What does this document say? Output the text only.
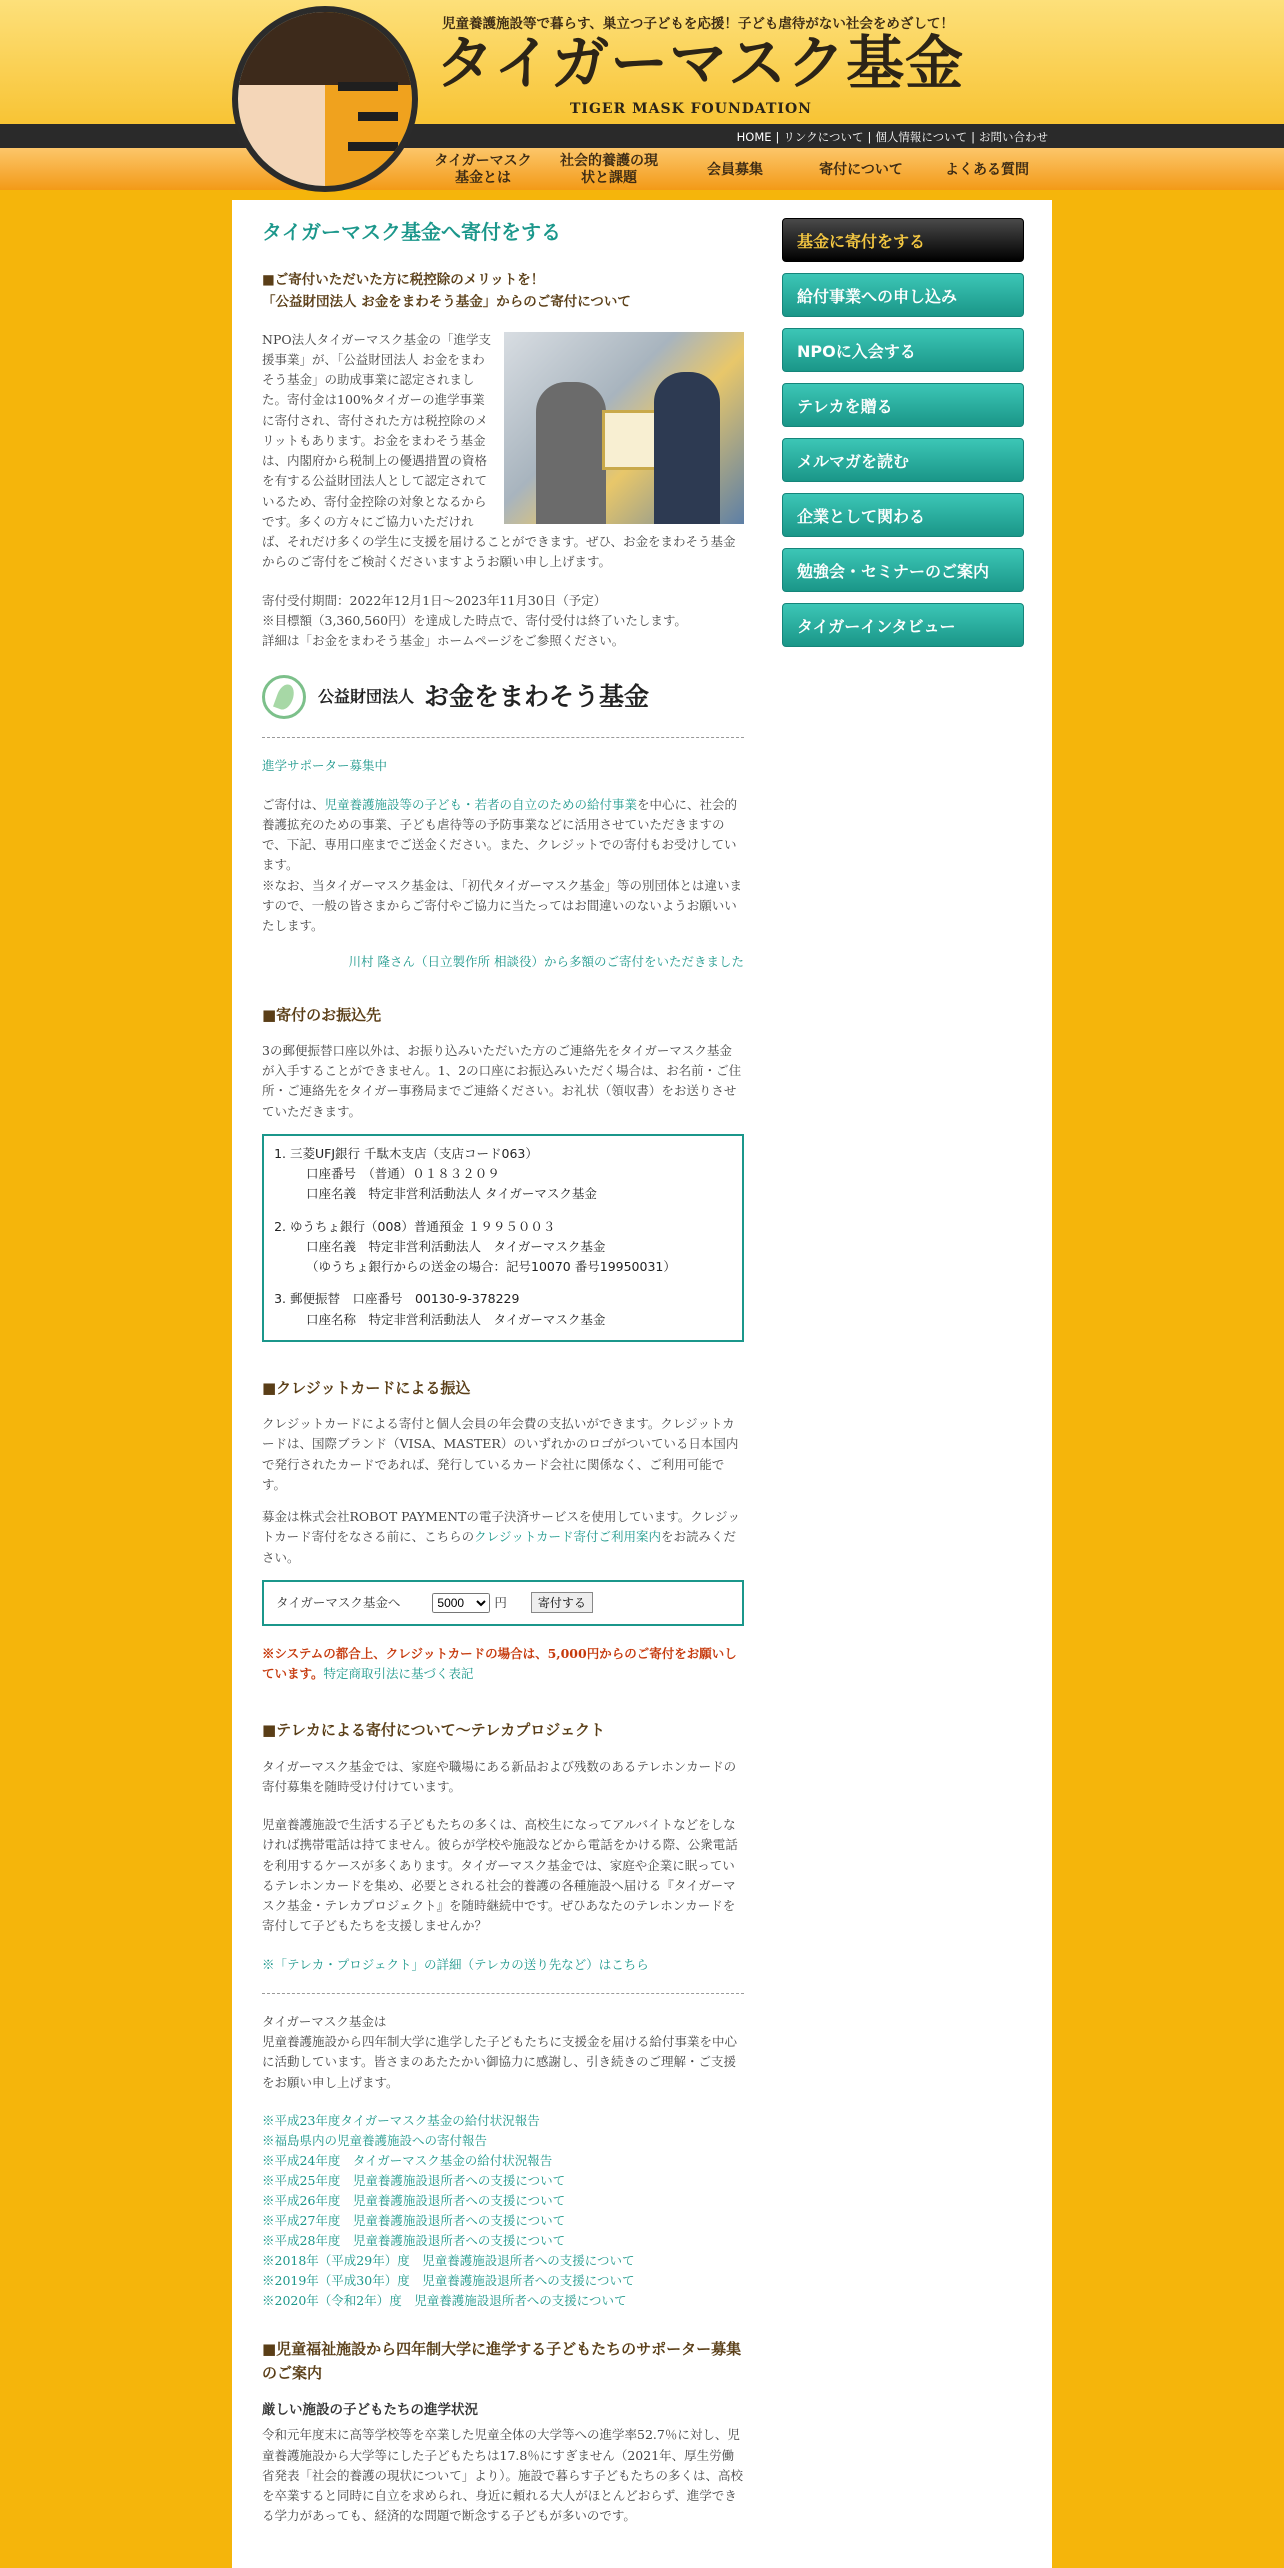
児童養護施設等で暮らす、巣立つ子どもを応援！子ども虐待がない社会をめざして！
タイガーマスク基金
TIGER MASK FOUNDATION
HOME | リンクについて | 個人情報について | お問い合わせ
タイガーマスク基金とは
社会的養護の現状と課題
会員募集	寄付について	よくある質問
タイガーマスク基金へ寄付をする
■ご寄付いただいた方に税控除のメリットを！
「公益財団法人 お金をまわそう基金」からのご寄付について
NPO法人タイガーマスク基金の「進学支援事業」が、「公益財団法人 お金をまわそう基金」の助成事業に認定されました。寄付金は100%タイガーの進学事業に寄付され、寄付された方は税控除のメリットもあります。お金をまわそう基金は、内閣府から税制上の優遇措置の資格を有する公益財団法人として認定されているため、寄付金控除の対象となるからです。多くの方々にご協力いただければ、それだけ多くの学生に支援を届けることができます。ぜひ、お金をまわそう基金からのご寄付をご検討くださいますようお願い申し上げます。
寄付受付期間：2022年12月1日～2023年11月30日（予定）
※目標額（3,360,560円）を達成した時点で、寄付受付は終了いたします。
詳細は「お金をまわそう基金」ホームページをご参照ください。
公益財団法人 お金をまわそう基金
進学サポーター募集中
ご寄付は、児童養護施設等の子ども・若者の自立のための給付事業を中心に、社会的養護拡充のための事業、子ども虐待等の予防事業などに活用させていただきますので、下記、専用口座までご送金ください。また、クレジットでの寄付もお受けしています。
※なお、当タイガーマスク基金は、「初代タイガーマスク基金」等の別団体とは違いますので、一般の皆さまからご寄付やご協力に当たってはお間違いのないようお願いいたします。
川村 隆さん（日立製作所 相談役）から多額のご寄付をいただきました
■寄付のお振込先
3の郵便振替口座以外は、お振り込みいただいた方のご連絡先をタイガーマスク基金が入手することができません。1、2の口座にお振込みいただく場合は、お名前・ご住所・ご連絡先をタイガー事務局までご連絡ください。お礼状（領収書）をお送りさせていただきます。
1. 三菱UFJ銀行 千駄木支店（支店コード063）
口座番号　（普通）０１８３２０９
口座名義　特定非営利活動法人 タイガーマスク基金
2. ゆうちょ銀行（008）普通預金 １９９５００３
口座名義　特定非営利活動法人　タイガーマスク基金
（ゆうちょ銀行からの送金の場合：記号10070 番号19950031）
3. 郵便振替　口座番号　00130-9-378229
口座名称　特定非営利活動法人　タイガーマスク基金
■クレジットカードによる振込
クレジットカードによる寄付と個人会員の年会費の支払いができます。クレジットカードは、国際ブランド（VISA、MASTER）のいずれかのロゴがついている日本国内で発行されたカードであれば、発行しているカード会社に関係なく、ご利用可能です。
募金は株式会社ROBOT PAYMENTの電子決済サービスを使用しています。クレジットカード寄付をなさる前に、こちらのクレジットカード寄付ご利用案内をお読みください。
タイガーマスク基金へ
5000	円	寄付する
※システムの都合上、クレジットカードの場合は、5,000円からのご寄付をお願いしています。特定商取引法に基づく表記
■テレカによる寄付について～テレカプロジェクト
タイガーマスク基金では、家庭や職場にある新品および残数のあるテレホンカードの寄付募集を随時受け付けています。
児童養護施設で生活する子どもたちの多くは、高校生になってアルバイトなどをしなければ携帯電話は持てません。彼らが学校や施設などから電話をかける際、公衆電話を利用するケースが多くあります。タイガーマスク基金では、家庭や企業に眠っているテレホンカードを集め、必要とされる社会的養護の各種施設へ届ける『タイガーマスク基金・テレカプロジェクト』を随時継続中です。ぜひあなたのテレホンカードを寄付して子どもたちを支援しませんか？
※「テレカ・プロジェクト」の詳細（テレカの送り先など）はこちら
タイガーマスク基金は
児童養護施設から四年制大学に進学した子どもたちに支援金を届ける給付事業を中心に活動しています。皆さまのあたたかい御協力に感謝し、引き続きのご理解・ご支援をお願い申し上げます。
※平成23年度タイガーマスク基金の給付状況報告
※福島県内の児童養護施設への寄付報告
※平成24年度　タイガーマスク基金の給付状況報告
※平成25年度　児童養護施設退所者への支援について
※平成26年度　児童養護施設退所者への支援について
※平成27年度　児童養護施設退所者への支援について
※平成28年度　児童養護施設退所者への支援について
※2018年（平成29年）度　児童養護施設退所者への支援について
※2019年（平成30年）度　児童養護施設退所者への支援について
※2020年（令和2年）度　児童養護施設退所者への支援について
■児童福祉施設から四年制大学に進学する子どもたちのサポーター募集のご案内
厳しい施設の子どもたちの進学状況
令和元年度末に高等学校等を卒業した児童全体の大学等への進学率52.7％に対し、児童養護施設から大学等にした子どもたちは17.8％にすぎません（2021年、厚生労働省発表「社会的養護の現状について」より）。施設で暮らす子どもたちの多くは、高校を卒業すると同時に自立を求められ、身近に頼れる大人がほとんどおらず、進学できる学力があっても、経済的な問題で断念する子どもが多いのです。
基金に寄付をする
給付事業への申し込み
NPOに入会する
テレカを贈る
メルマガを読む
企業として関わる
勉強会・セミナーのご案内
タイガーインタビュー
